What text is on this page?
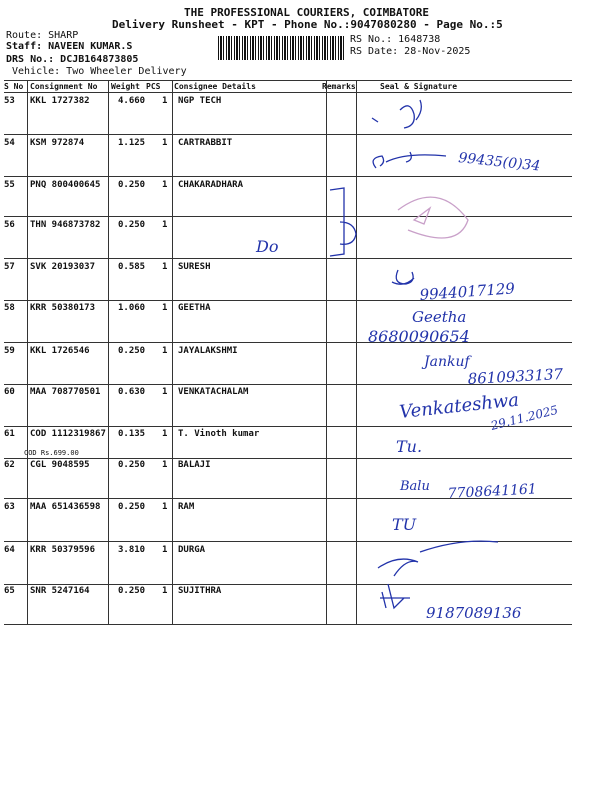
THE PROFESSIONAL COURIERS, COIMBATORE
Delivery Runsheet - KPT - Phone No.:9047080280 - Page No.:5
Route: SHARP
Staff: NAVEEN KUMAR.S
DRS No.: DCJB164873805
Vehicle: Two Wheeler Delivery
RS No.: 1648738
RS Date: 28-Nov-2025
S No Consignment No Weight PCS Consignee Details	Remarks	Seal & Signature
53 KKL 1727382	4.660 1 NGP TECH
54 KSM 972874	1.125 1 CARTRABBIT
55 PNQ 800400645 0.250 1 CHAKARADHARA
56 THN 946873782 0.250 1
57 SVK 20193037	0.585 1 SURESH
58 KRR 50380173	1.060 1 GEETHA
59 KKL 1726546	0.250 1 JAYALAKSHMI
60 MAA 708770501 0.630 1 VENKATACHALAM
61 COD 1112319867 0.135 1 T. Vinoth kumar
62 CGL 9048595	0.250 1 BALAJI
63 MAA 651436598 0.250 1 RAM
64 KRR 50379596	3.810 1 DURGA
65 SNR 5247164	0.250 1 SUJITHRA
COD Rs.699.00
99435(0)34
Do
9944017129
Geetha
8680090654
Jankuf
8610933137
Venkateshwa
29.11.2025
Tu.
Balu 7708641161
TU
9187089136
